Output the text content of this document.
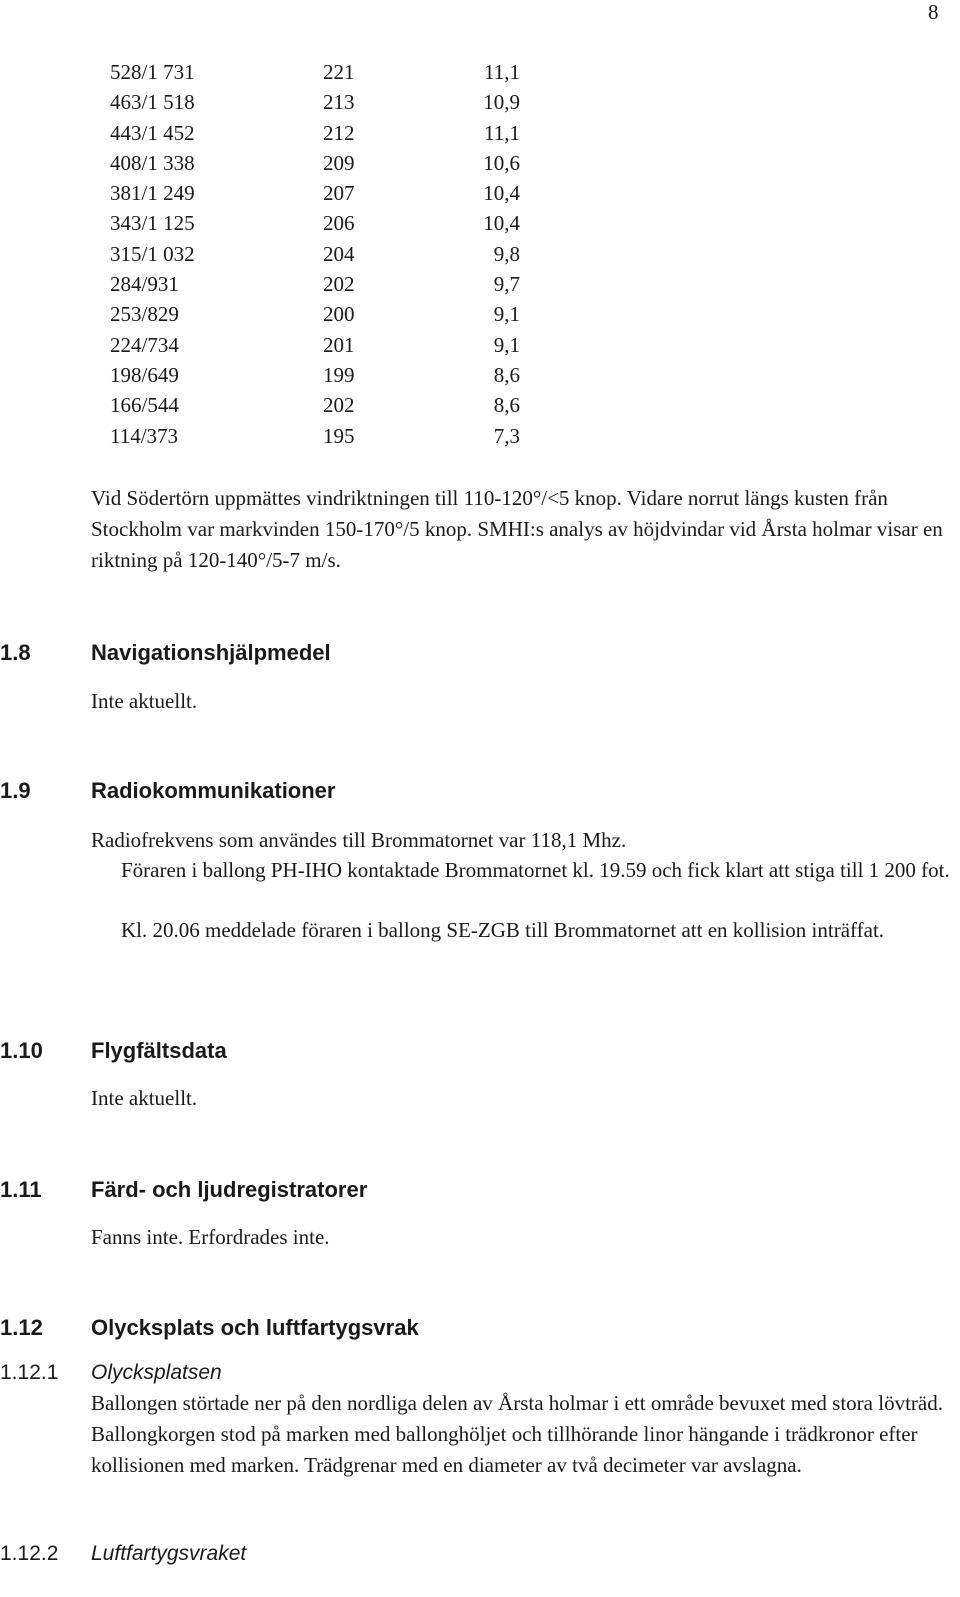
8
528/1 731	221	11,1
463/1 518	213	10,9
443/1 452	212	11,1
408/1 338	209	10,6
381/1 249	207	10,4
343/1 125	206	10,4
315/1 032	204	9,8
284/931	202	9,7
253/829	200	9,1
224/734	201	9,1
198/649	199	8,6
166/544	202	8,6
114/373	195	7,3

Vid Södertörn uppmättes vindriktningen till 110-120°/<5 knop. Vidare norrut längs kusten från Stockholm var markvinden 150-170°/5 knop. SMHI:s analys av höjdvindar vid Årsta holmar visar en riktning på 120-140°/5-7 m/s.

1.8	Navigationshjälpmedel

Inte aktuellt.

1.9	Radiokommunikationer

Radiofrekvens som användes till Brommatornet var 118,1 Mhz.

Föraren i ballong PH-IHO kontaktade Brommatornet kl. 19.59 och fick klart att stiga till 1 200 fot.

Kl. 20.06 meddelade föraren i ballong SE-ZGB till Brommatornet att en kollision inträffat.

1.10 Flygfältsdata

Inte aktuellt.

1.11 Färd- och ljudregistratorer

Fanns inte. Erfordrades inte.

1.12 Olycksplats och luftfartygsvrak
1.12.1 Olycksplatsen

Ballongen störtade ner på den nordliga delen av Årsta holmar i ett område bevuxet med stora lövträd. Ballongkorgen stod på marken med ballonghöljet och tillhörande linor hängande i trädkronor efter kollisionen med marken. Trädgrenar med en diameter av två decimeter var avslagna.

1.12.2 Luftfartygsvraket
